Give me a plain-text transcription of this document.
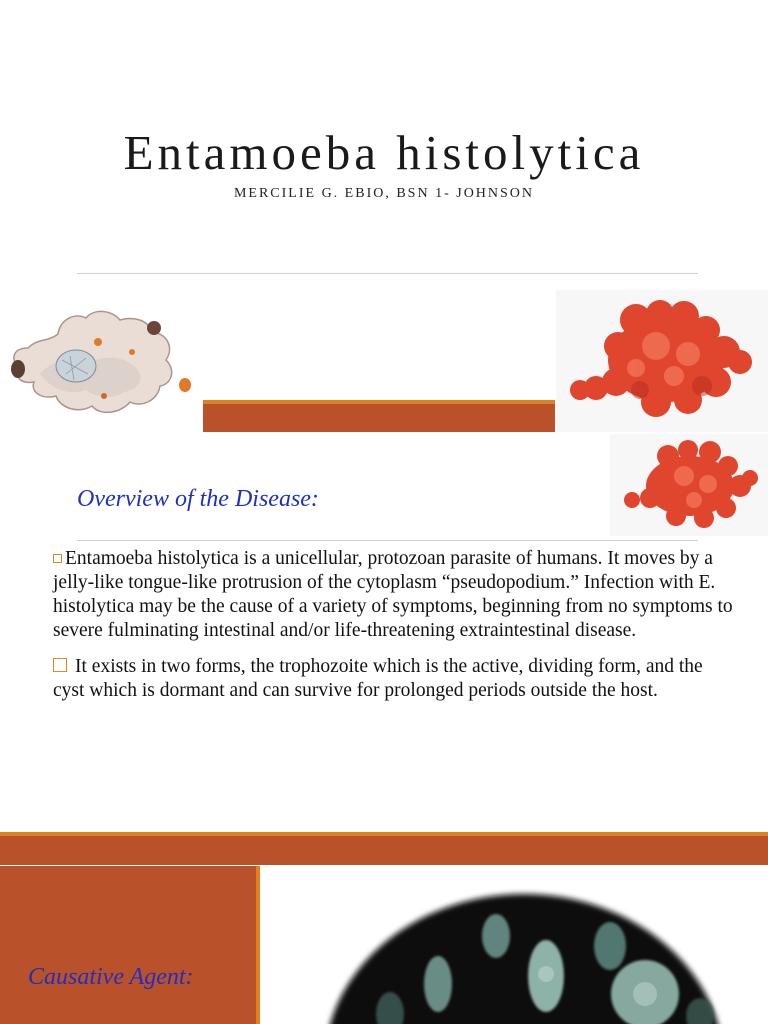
Entamoeba histolytica
MERCILIE G. EBIO, BSN 1- JOHNSON
Overview of the Disease:
Entamoeba histolytica is a unicellular, protozoan parasite of humans. It moves by a jelly-like tongue-like protrusion of the cytoplasm “pseudopodium.” Infection with E. histolytica may be the cause of a variety of symptoms, beginning from no symptoms to severe fulminating intestinal and/or life-threatening extraintestinal disease.
It exists in two forms, the trophozoite which is the active, dividing form, and the cyst which is dormant and can survive for prolonged periods outside the host.
Causative Agent:
